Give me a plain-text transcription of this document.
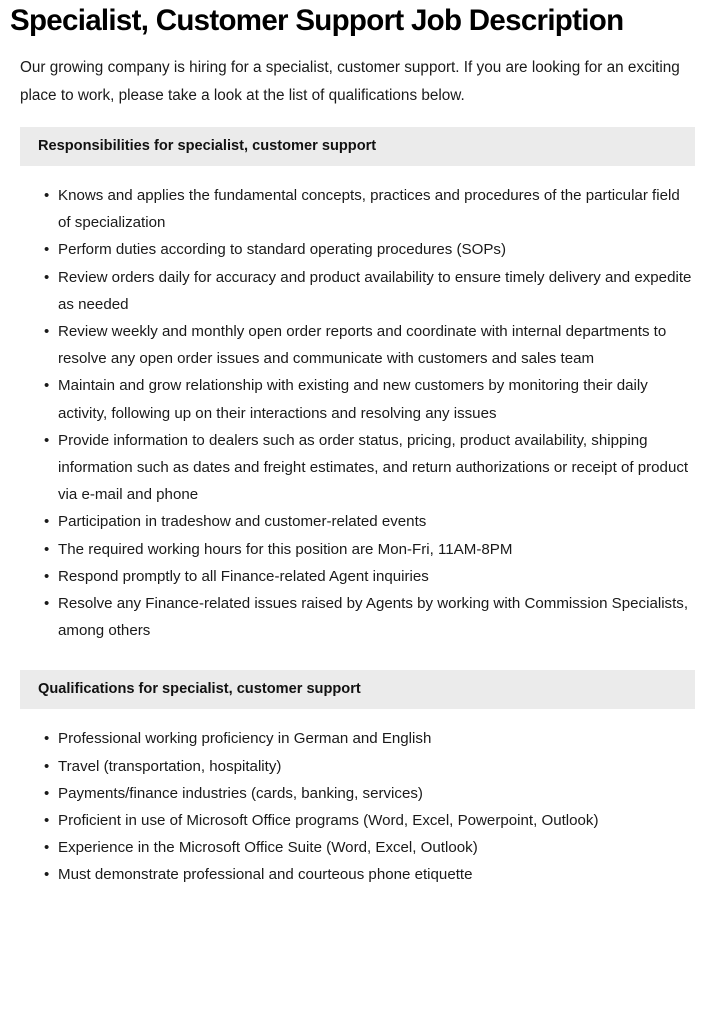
Specialist, Customer Support Job Description

Our growing company is hiring for a specialist, customer support. If you are looking for an exciting place to work, please take a look at the list of qualifications below.

Responsibilities for specialist, customer support
• Knows and applies the fundamental concepts, practices and procedures of the particular field of specialization
• Perform duties according to standard operating procedures (SOPs)
• Review orders daily for accuracy and product availability to ensure timely delivery and expedite as needed
• Review weekly and monthly open order reports and coordinate with internal departments to resolve any open order issues and communicate with customers and sales team
• Maintain and grow relationship with existing and new customers by monitoring their daily activity, following up on their interactions and resolving any issues
• Provide information to dealers such as order status, pricing, product availability, shipping information such as dates and freight estimates, and return authorizations or receipt of product via e-mail and phone
• Participation in tradeshow and customer-related events
• The required working hours for this position are Mon-Fri, 11AM-8PM
• Respond promptly to all Finance-related Agent inquiries
• Resolve any Finance-related issues raised by Agents by working with Commission Specialists, among others
Qualifications for specialist, customer support
• Professional working proficiency in German and English
• Travel (transportation, hospitality)
• Payments/finance industries (cards, banking, services)
• Proficient in use of Microsoft Office programs (Word, Excel, Powerpoint, Outlook)
• Experience in the Microsoft Office Suite (Word, Excel, Outlook)
• Must demonstrate professional and courteous phone etiquette
